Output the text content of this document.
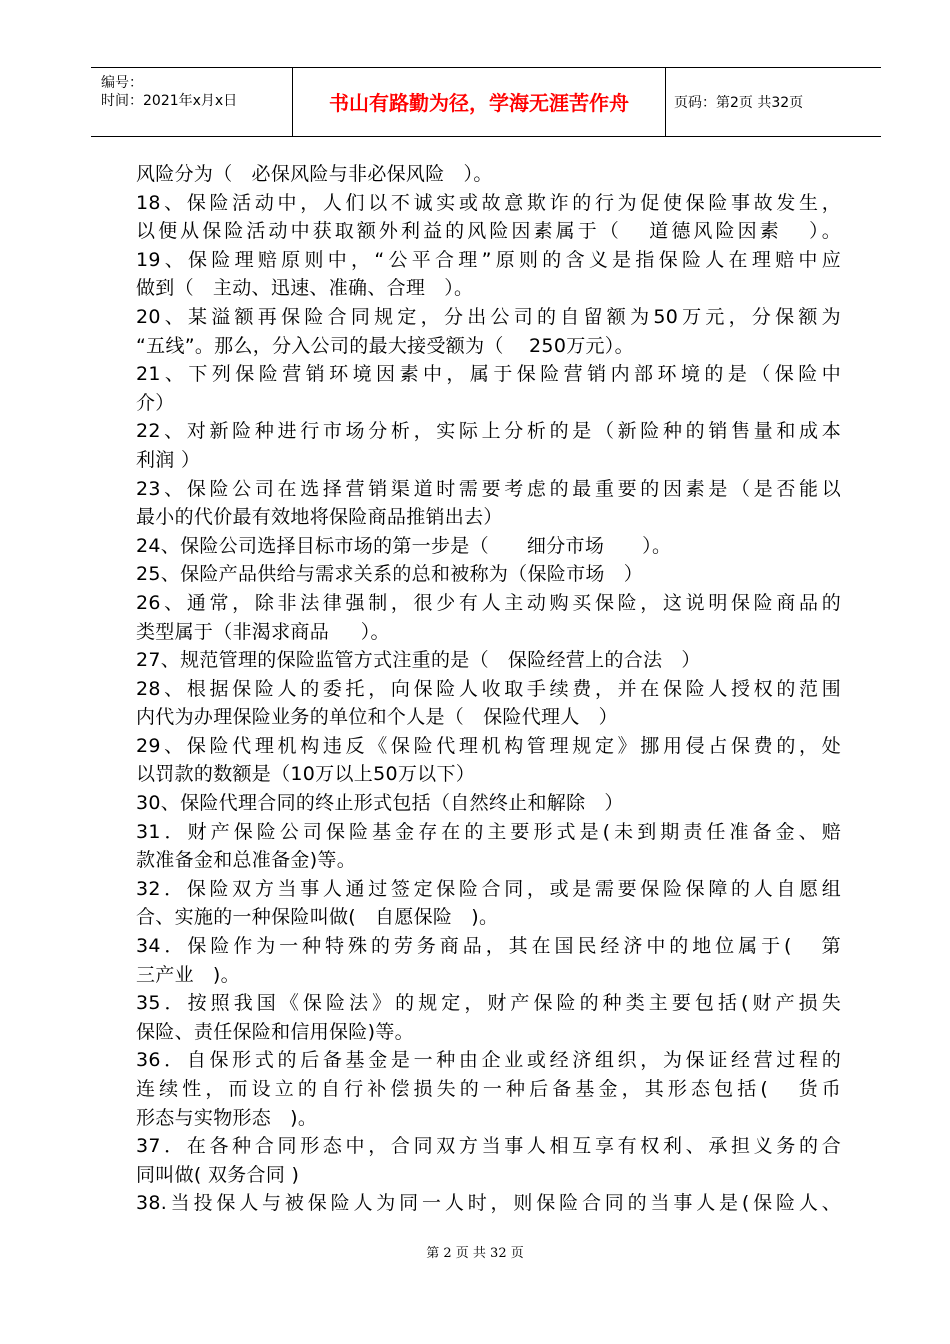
编号：
时间：2021年x月x日	书山有路勤为径，学海无涯苦作舟	页码：第2页 共32页
风险分为（   必保风险与非必保风险   ）。
18、保险活动中，人们以不诚实或故意欺诈的行为促使保险事故发生，
以便从保险活动中获取额外利益的风险因素属于（   道德风险因素   ）。
19、保险理赔原则中，“公平合理”原则的含义是指保险人在理赔中应
做到（   主动、迅速、准确、合理   ）。
20、某溢额再保险合同规定，分出公司的自留额为50万元，分保额为
“五线”。那么，分入公司的最大接受额为（    250万元）。
21、下列保险营销环境因素中，属于保险营销内部环境的是（保险中
介）
22、对新险种进行市场分析，实际上分析的是（新险种的销售量和成本
利润 ）
23、保险公司在选择营销渠道时需要考虑的最重要的因素是（是否能以
最小的代价最有效地将保险商品推销出去）
24、保险公司选择目标市场的第一步是（      细分市场      ）。
25、保险产品供给与需求关系的总和被称为（保险市场   ）
26、通常，除非法律强制，很少有人主动购买保险，这说明保险商品的
类型属于（非渴求商品     ）。
27、规范管理的保险监管方式注重的是（   保险经营上的合法   ）
28、根据保险人的委托，向保险人收取手续费，并在保险人授权的范围
内代为办理保险业务的单位和个人是（   保险代理人   ）
29、保险代理机构违反《保险代理机构管理规定》挪用侵占保费的，处
以罚款的数额是（10万以上50万以下）
30、保险代理合同的终止形式包括（自然终止和解除   ）
31．财产保险公司保险基金存在的主要形式是(未到期责任准备金、赔
款准备金和总准备金)等。
32．保险双方当事人通过签定保险合同，或是需要保险保障的人自愿组
合、实施的一种保险叫做(   自愿保险   )。
34．保险作为一种特殊的劳务商品，其在国民经济中的地位属于(   第
三产业   )。
35．按照我国《保险法》的规定，财产保险的种类主要包括(财产损失
保险、责任保险和信用保险)等。
36．自保形式的后备基金是一种由企业或经济组织，为保证经营过程的
连续性，而设立的自行补偿损失的一种后备基金，其形态包括(   货币
形态与实物形态   )。
37．在各种合同形态中，合同双方当事人相互享有权利、承担义务的合
同叫做( 双务合同 )
38.当投保人与被保险人为同一人时，则保险合同的当事人是(保险人、
第 2 页 共 32 页
